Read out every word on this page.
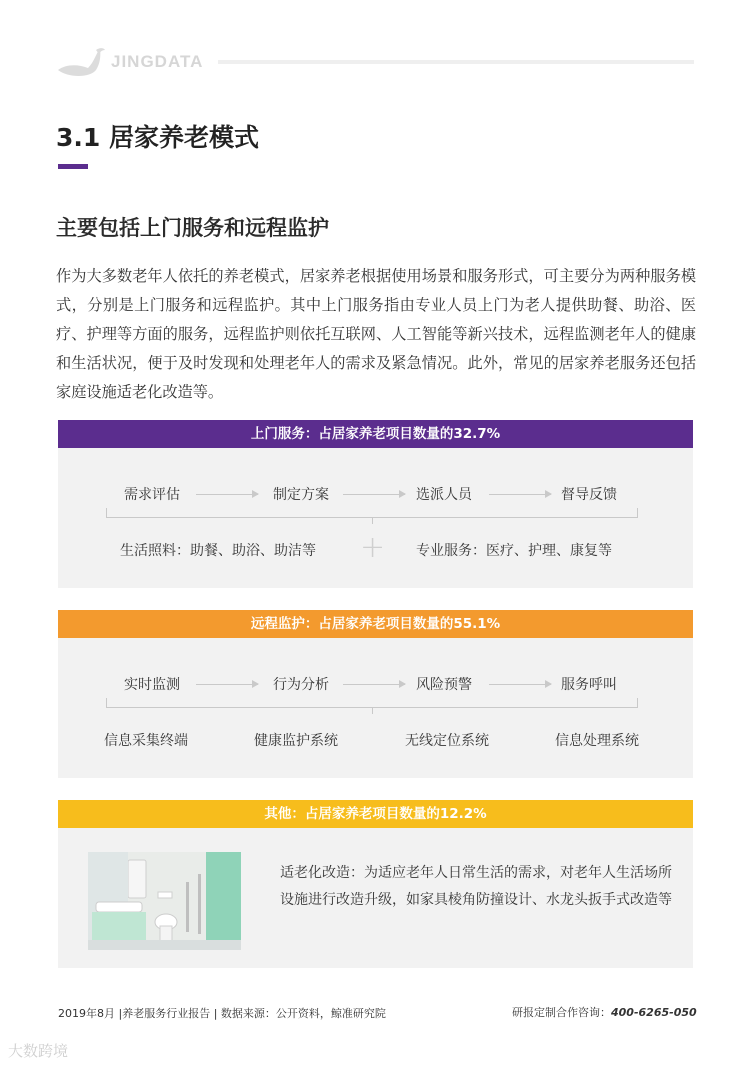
JINGDATA
3.1 居家养老模式
主要包括上门服务和远程监护
作为大多数老年人依托的养老模式，居家养老根据使用场景和服务形式，可主要分为两种服务模式，分别是上门服务和远程监护。其中上门服务指由专业人员上门为老人提供助餐、助浴、医疗、护理等方面的服务，远程监护则依托互联网、人工智能等新兴技术，远程监测老年人的健康和生活状况，便于及时发现和处理老年人的需求及紧急情况。此外，常见的居家养老服务还包括家庭设施适老化改造等。
上门服务：占居家养老项目数量的32.7%
需求评估	制定方案	选派人员	督导反馈
生活照料：助餐、助浴、助洁等 + 专业服务：医疗、护理、康复等
远程监护：占居家养老项目数量的55.1%
实时监测	行为分析	风险预警	服务呼叫
信息采集终端	健康监护系统	无线定位系统	信息处理系统
其他：占居家养老项目数量的12.2%
适老化改造：为适应老年人日常生活的需求，对老年人生活场所设施进行改造升级，如家具棱角防撞设计、水龙头扳手式改造等
2019年8月 |养老服务行业报告 | 数据来源：公开资料，鲸准研究院	研报定制合作咨询：400-6265-050
大数跨境
